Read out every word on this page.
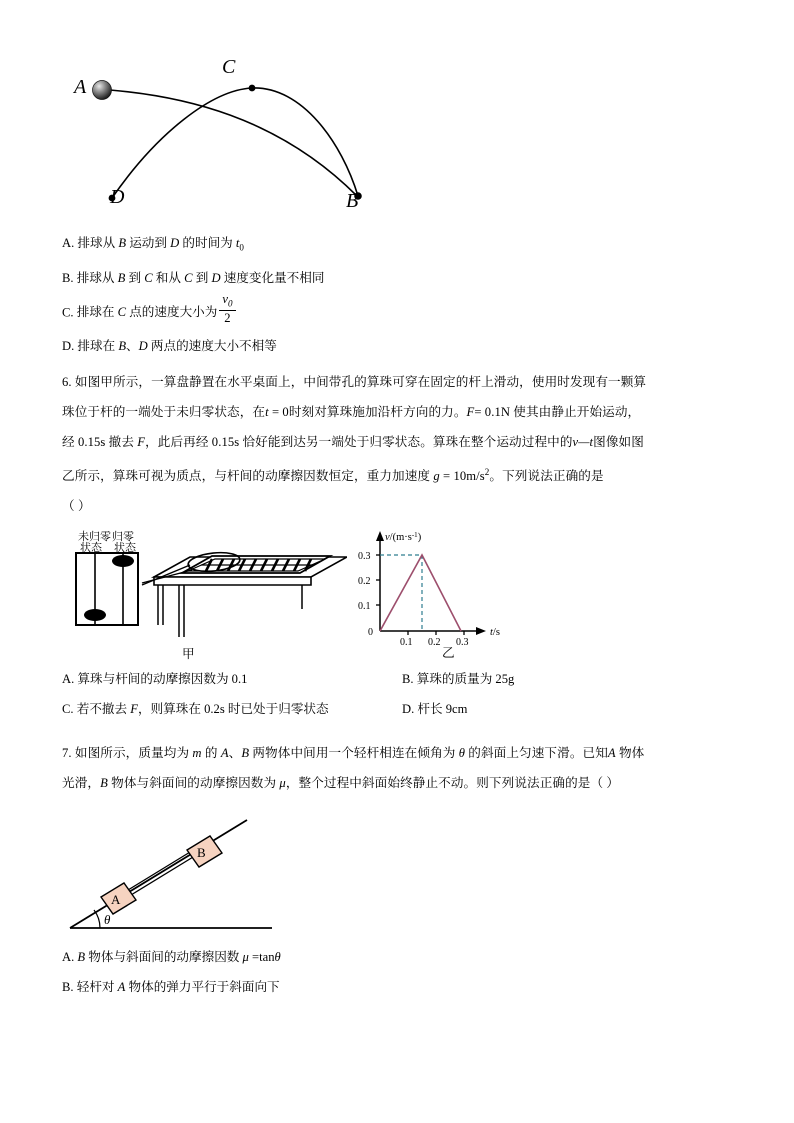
A
C
D	B
A. 排球从 B 运动到 D 的时间为 $t_0$
B. 排球从 B 到 C 和从 C 到 D 速度变化量不相同
C. 排球在 C 点的速度大小为 $\frac{v_0}{2}$
D. 排球在 B、D 两点的速度大小不相等
6. 如图甲所示，一算盘静置在水平桌面上，中间带孔的算珠可穿在固定的杆上滑动，使用时发现有一颗算
珠位于杆的一端处于未归零状态，在t = 0时刻对算珠施加沿杆方向的力。F= 0.1N 使其由静止开始运动，
经 0.15s 撤去 F，此后再经 0.15s 恰好能到达另一端处于归零状态。算珠在整个运动过程中的v—t图像如图
乙所示，算珠可视为质点，与杆间的动摩擦因数恒定，重力加速度 $g = 10m/s^2$。下列说法正确的是
（ ）
未归零 归零
状态 状态
甲
0.3
0.2
0.1
0
0.1 0.2 0.3
$v/(m\cdot s^{-1})$
t/s
乙
A. 算珠与杆间的动摩擦因数为 0.1	B. 算珠的质量为 25g
C. 若不撤去 F，则算珠在 0.2s 时已处于归零状态	D. 杆长 9cm
7. 如图所示，质量均为 m 的 A、B 两物体中间用一个轻杆相连在倾角为 θ 的斜面上匀速下滑。已知A 物体
光滑，B 物体与斜面间的动摩擦因数为 μ，整个过程中斜面始终静止不动。则下列说法正确的是（ ）
θ
A
B
A. B 物体与斜面间的动摩擦因数 μ =tanθ
B. 轻杆对 A 物体的弹力平行于斜面向下
